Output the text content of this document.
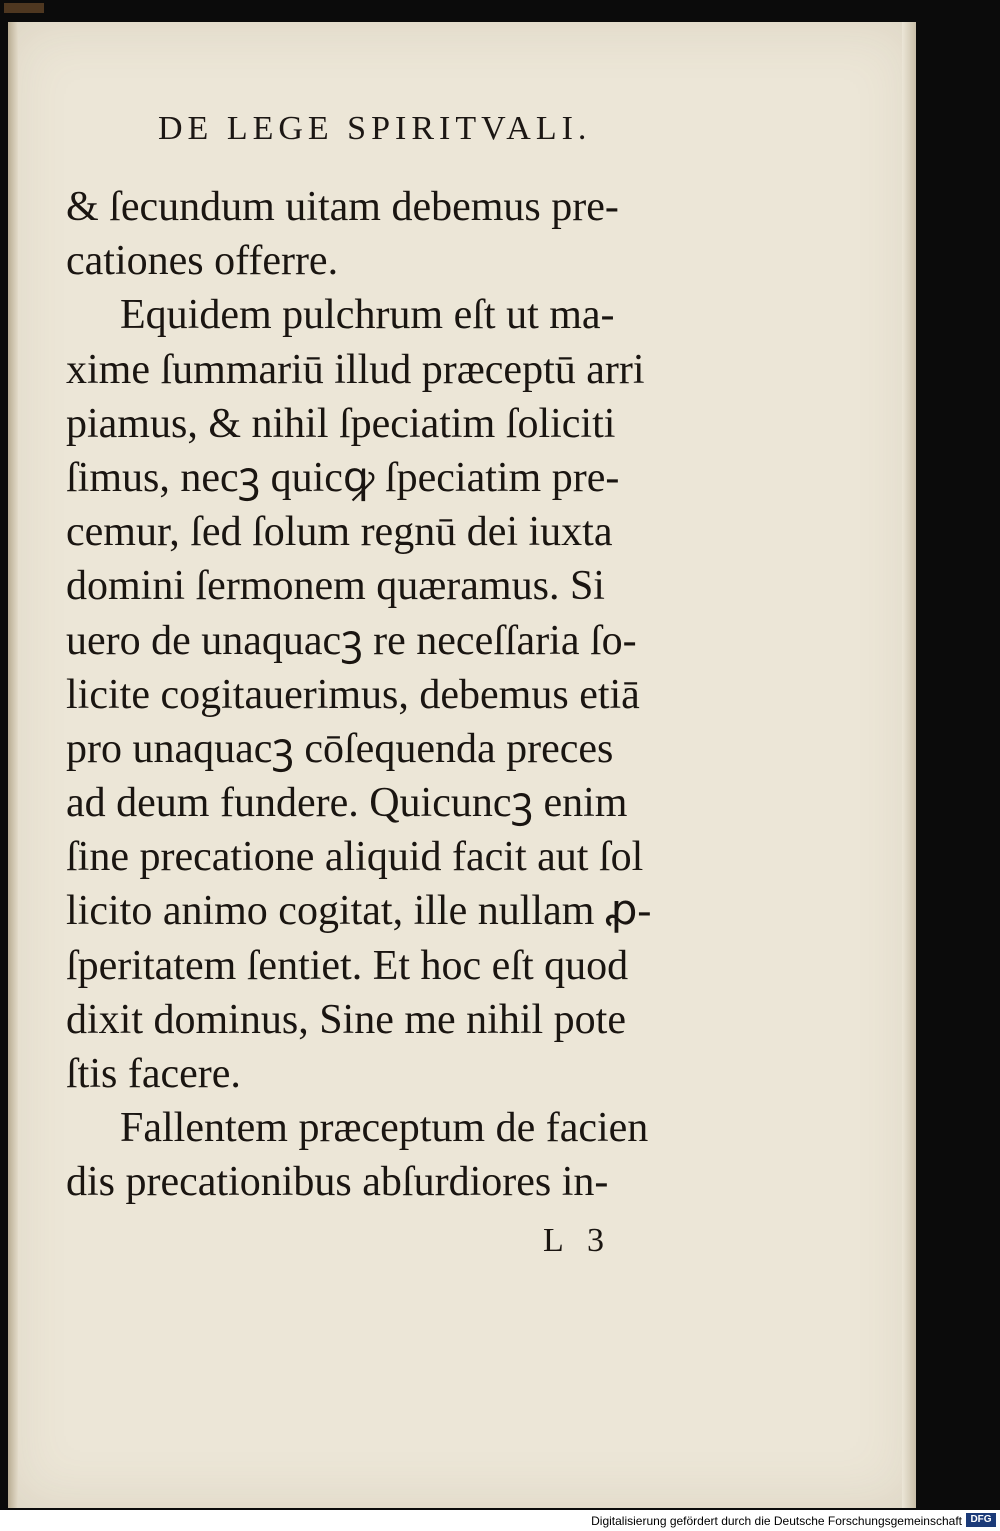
DE LEGE SPIRITVALI.
& ſecundum uitam debemus pre-
cationes offerre.
Equidem pulchrum eſt ut ma-
xime ſummariū illud præceptū arri
piamus, & nihil ſpeciatim ſoliciti
ſimus, necꝫ quicꝙ ſpeciatim pre-
cemur, ſed ſolum regnū dei iuxta
domini ſermonem quæramus. Si
uero de unaquacꝫ re neceſſaria ſo-
licite cogitauerimus, debemus etiā
pro unaquacꝫ cōſequenda preces
ad deum fundere. Quicuncꝫ enim
ſine precatione aliquid facit aut ſol
licito animo cogitat, ille nullam ꝓ-
ſperitatem ſentiet. Et hoc eſt quod
dixit dominus, Sine me nihil pote
ſtis facere.
Fallentem præceptum de facien
dis precationibus abſurdiores in-
L 3
Digitalisierung gefördert durch die Deutsche Forschungsgemeinschaft DFG
